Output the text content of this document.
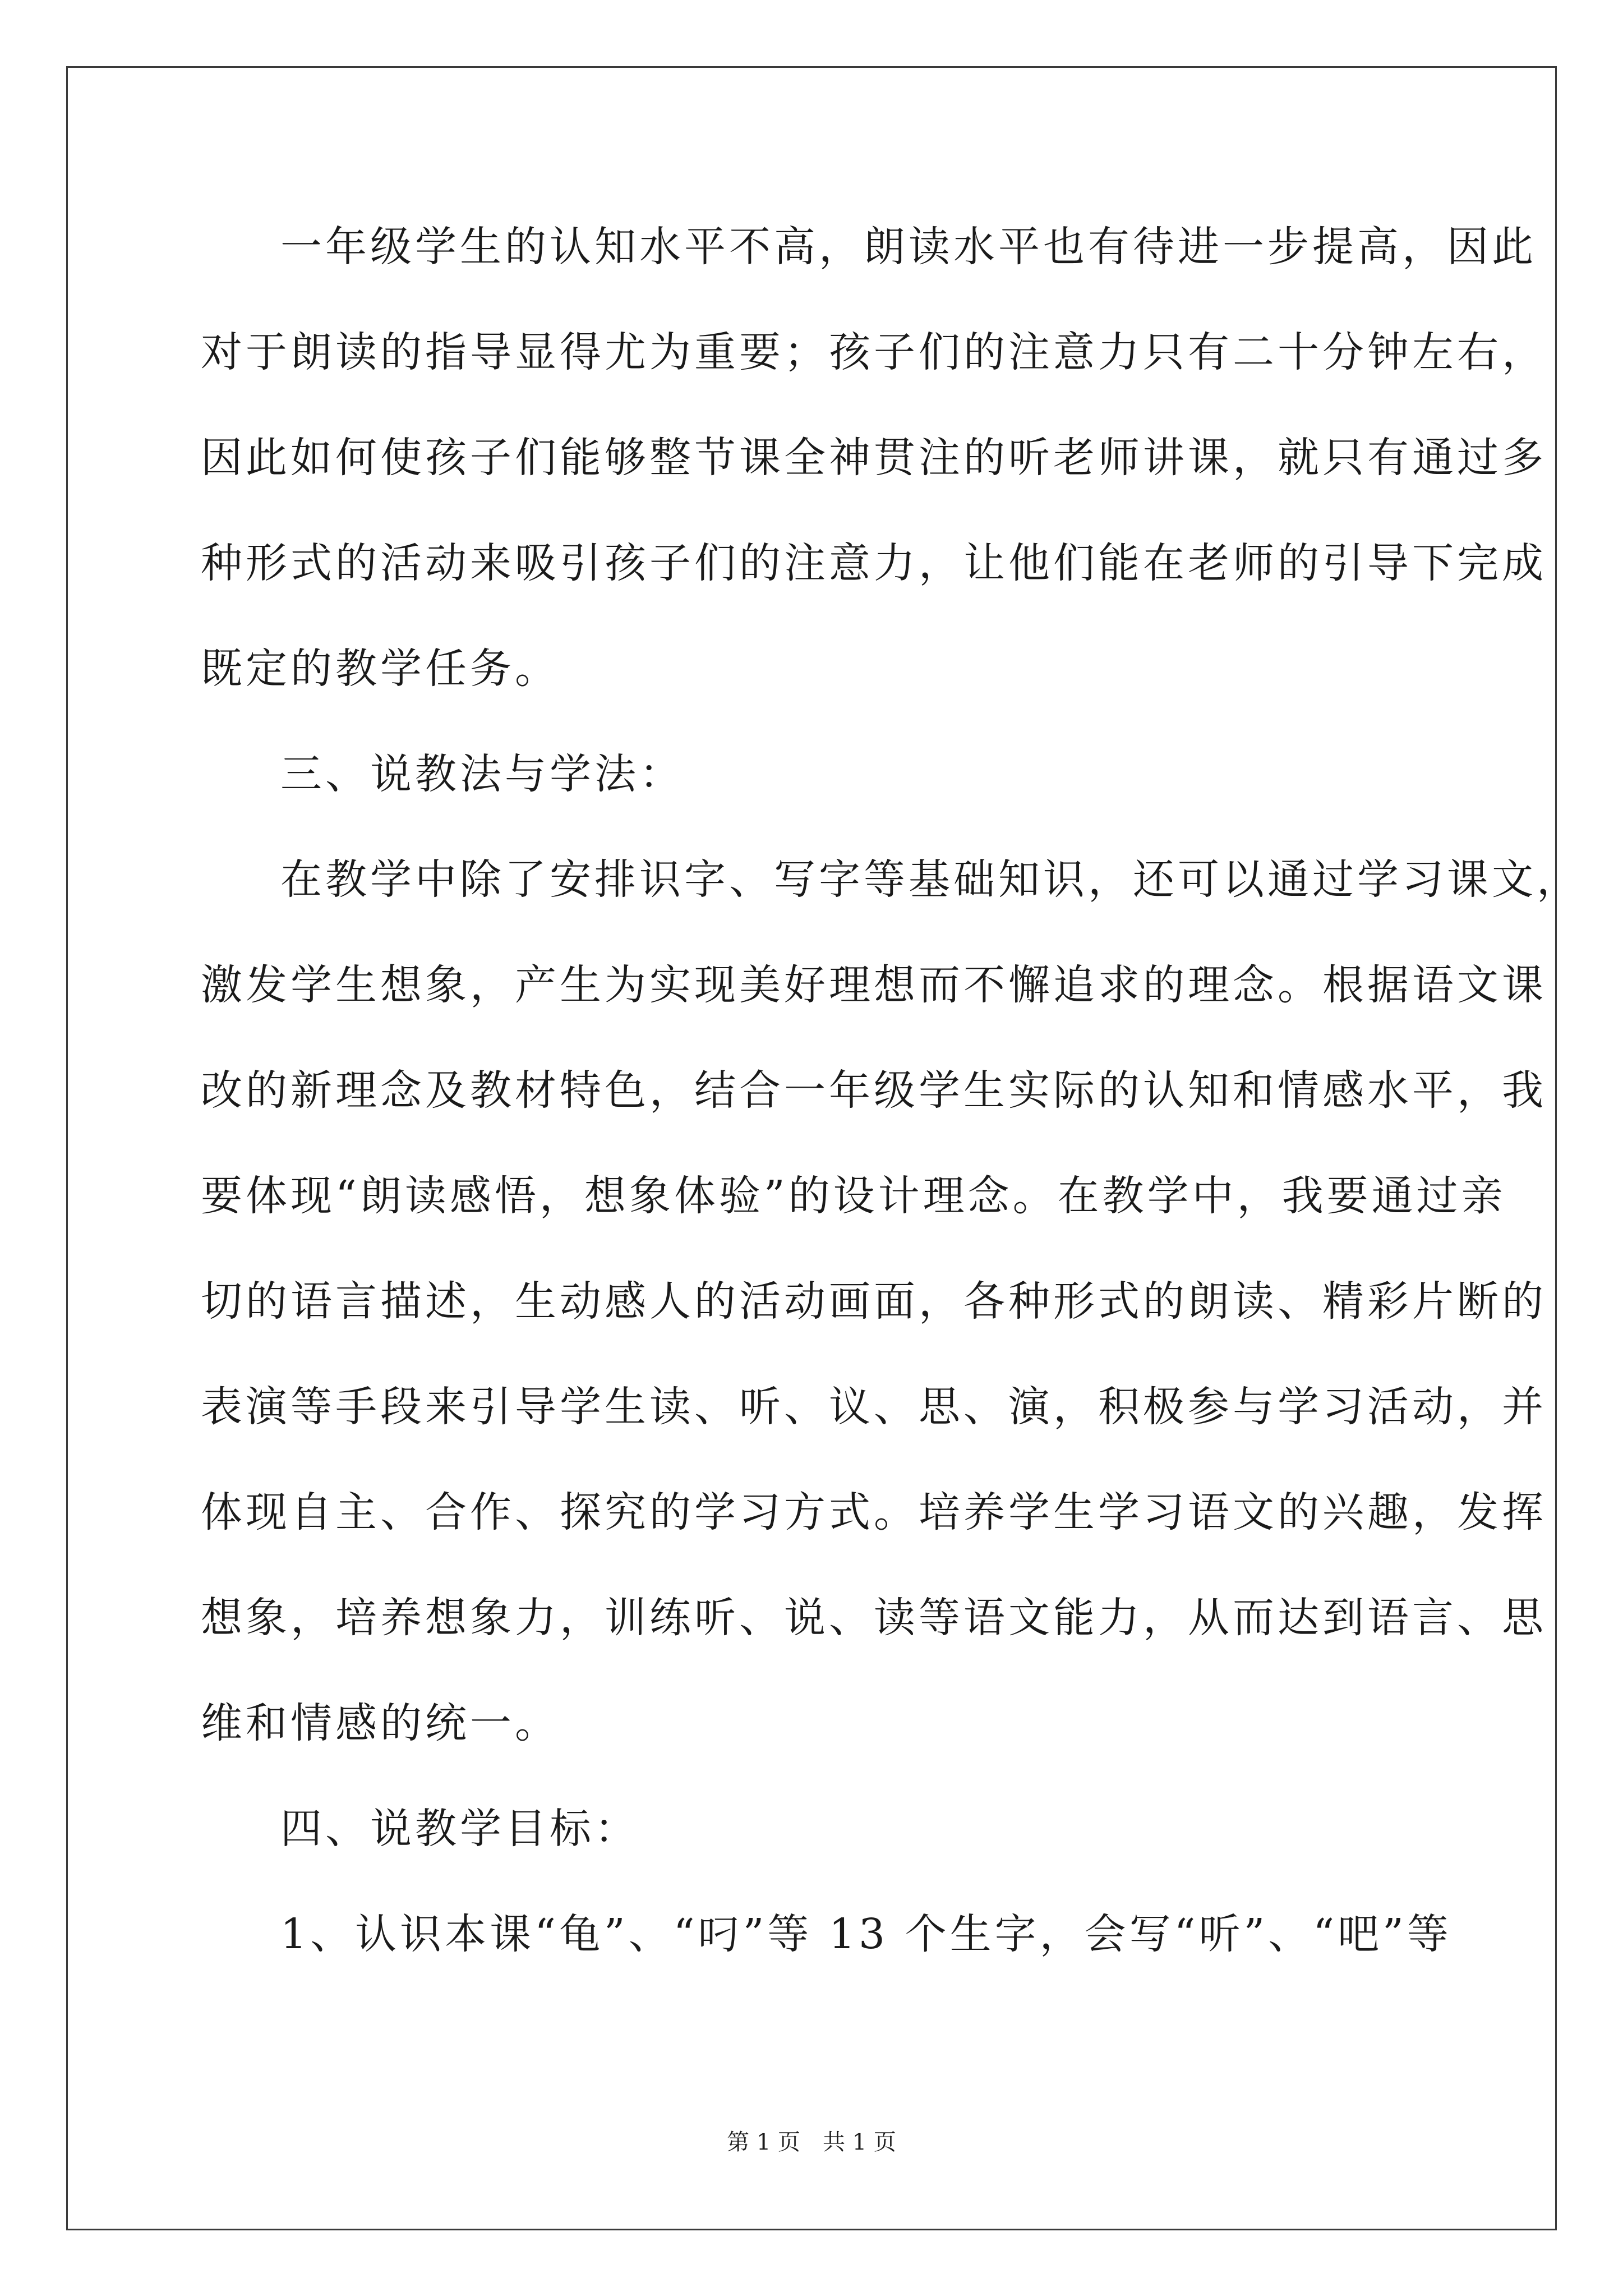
一年级学生的认知水平不高，朗读水平也有待进一步提高，因此
对于朗读的指导显得尤为重要；孩子们的注意力只有二十分钟左右，
因此如何使孩子们能够整节课全神贯注的听老师讲课，就只有通过多
种形式的活动来吸引孩子们的注意力，让他们能在老师的引导下完成
既定的教学任务。
三、说教法与学法：
在教学中除了安排识字、写字等基础知识，还可以通过学习课文，
激发学生想象，产生为实现美好理想而不懈追求的理念。根据语文课
改的新理念及教材特色，结合一年级学生实际的认知和情感水平，我
要体现“朗读感悟，想象体验”的设计理念。在教学中，我要通过亲
切的语言描述，生动感人的活动画面，各种形式的朗读、精彩片断的
表演等手段来引导学生读、听、议、思、演，积极参与学习活动，并
体现自主、合作、探究的学习方式。培养学生学习语文的兴趣，发挥
想象，培养想象力，训练听、说、读等语文能力，从而达到语言、思
维和情感的统一。
四、说教学目标：
1、认识本课“龟”、“叼”等 13 个生字，会写“听”、“吧”等
第 1 页　共 1 页
